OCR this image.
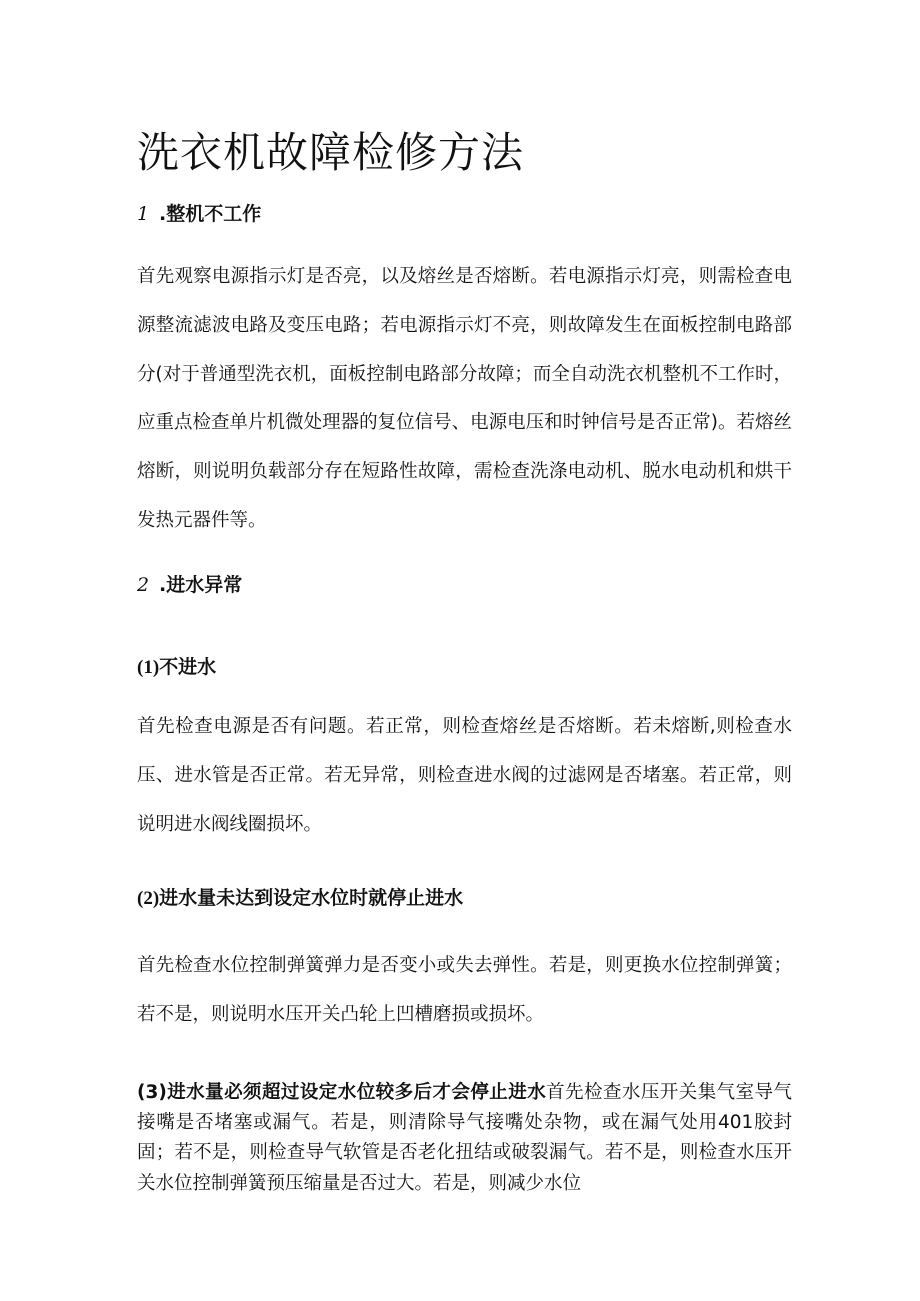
洗衣机故障检修方法
1 .整机不工作

首先观察电源指示灯是否亮，以及熔丝是否熔断。若电源指示灯亮，则需检查电源整流滤波电路及变压电路；若电源指示灯不亮，则故障发生在面板控制电路部分(对于普通型洗衣机，面板控制电路部分故障；而全自动洗衣机整机不工作时，应重点检查单片机微处理器的复位信号、电源电压和时钟信号是否正常)。若熔丝熔断，则说明负载部分存在短路性故障，需检查洗涤电动机、脱水电动机和烘干发热元器件等。

2 .进水异常
(1)不进水

首先检查电源是否有问题。若正常，则检查熔丝是否熔断。若未熔断,则检查水压、进水管是否正常。若无异常，则检查进水阀的过滤网是否堵塞。若正常，则说明进水阀线圈损坏。

(2)进水量未达到设定水位时就停止进水

首先检查水位控制弹簧弹力是否变小或失去弹性。若是，则更换水位控制弹簧；若不是，则说明水压开关凸轮上凹槽磨损或损坏。

(3)进水量必须超过设定水位较多后才会停止进水首先检查水压开关集气室导气接嘴是否堵塞或漏气。若是，则清除导气接嘴处杂物，或在漏气处用401胶封固；若不是，则检查导气软管是否老化扭结或破裂漏气。若不是，则检查水压开关水位控制弹簧预压缩量是否过大。若是，则减少水位
